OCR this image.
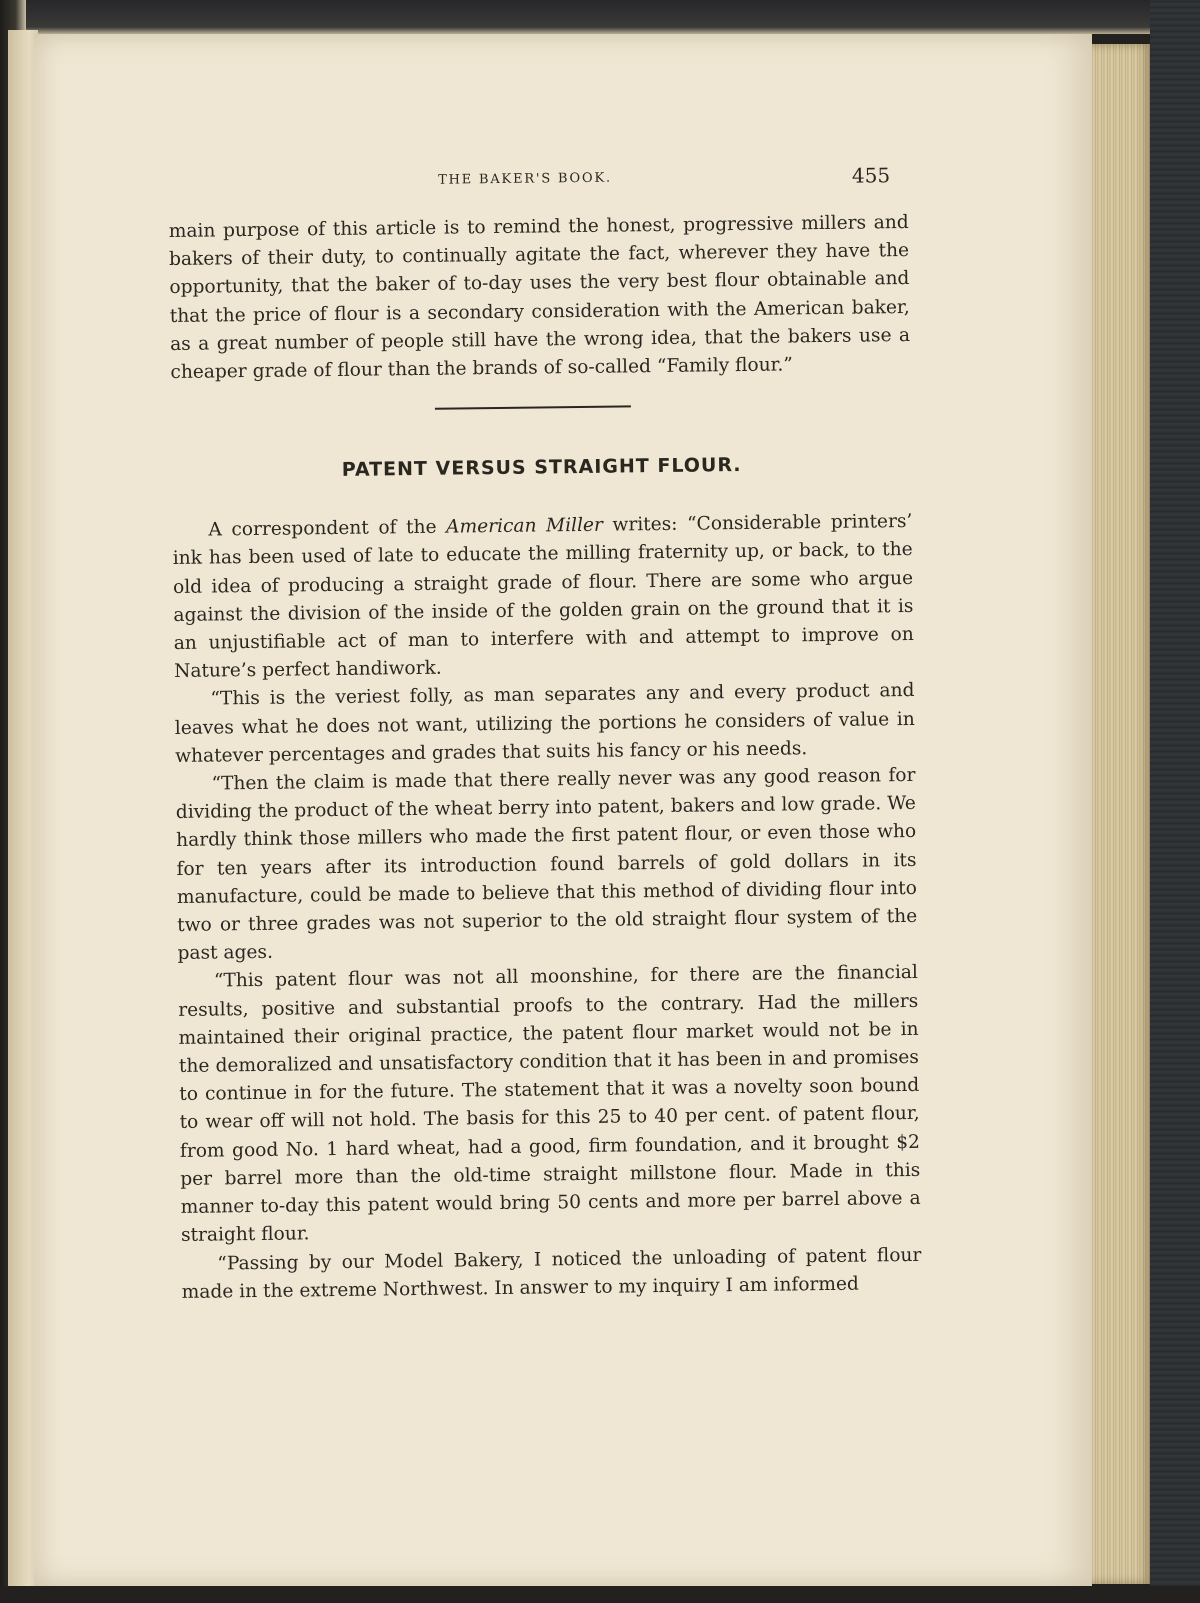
THE BAKER'S BOOK.	455

main purpose of this article is to remind the honest, progressive millers and bakers of their duty, to continually agitate the fact, wherever they have the opportunity, that the baker of to-day uses the very best flour obtainable and that the price of flour is a secondary consideration with the American baker, as a great number of people still have the wrong idea, that the bakers use a cheaper grade of flour than the brands of so-called “Family flour.”

PATENT VERSUS STRAIGHT FLOUR.

A correspondent of the American Miller writes: “Considerable printers’ ink has been used of late to educate the milling fraternity up, or back, to the old idea of producing a straight grade of flour. There are some who argue against the division of the inside of the golden grain on the ground that it is an unjustifiable act of man to interfere with and attempt to improve on Nature’s perfect handiwork.

“This is the veriest folly, as man separates any and every product and leaves what he does not want, utilizing the portions he considers of value in whatever percentages and grades that suits his fancy or his needs.

“Then the claim is made that there really never was any good reason for dividing the product of the wheat berry into patent, bakers and low grade. We hardly think those millers who made the first patent flour, or even those who for ten years after its introduction found barrels of gold dollars in its manufacture, could be made to believe that this method of dividing flour into two or three grades was not superior to the old straight flour system of the past ages.

“This patent flour was not all moonshine, for there are the financial results, positive and substantial proofs to the contrary. Had the millers maintained their original practice, the patent flour market would not be in the demoralized and unsatisfactory condition that it has been in and promises to continue in for the future. The statement that it was a novelty soon bound to wear off will not hold. The basis for this 25 to 40 per cent. of patent flour, from good No. 1 hard wheat, had a good, firm foundation, and it brought $2 per barrel more than the old-time straight millstone flour. Made in this manner to-day this patent would bring 50 cents and more per barrel above a straight flour.

“Passing by our Model Bakery, I noticed the unloading of patent flour made in the extreme Northwest. In answer to my inquiry I am informed
